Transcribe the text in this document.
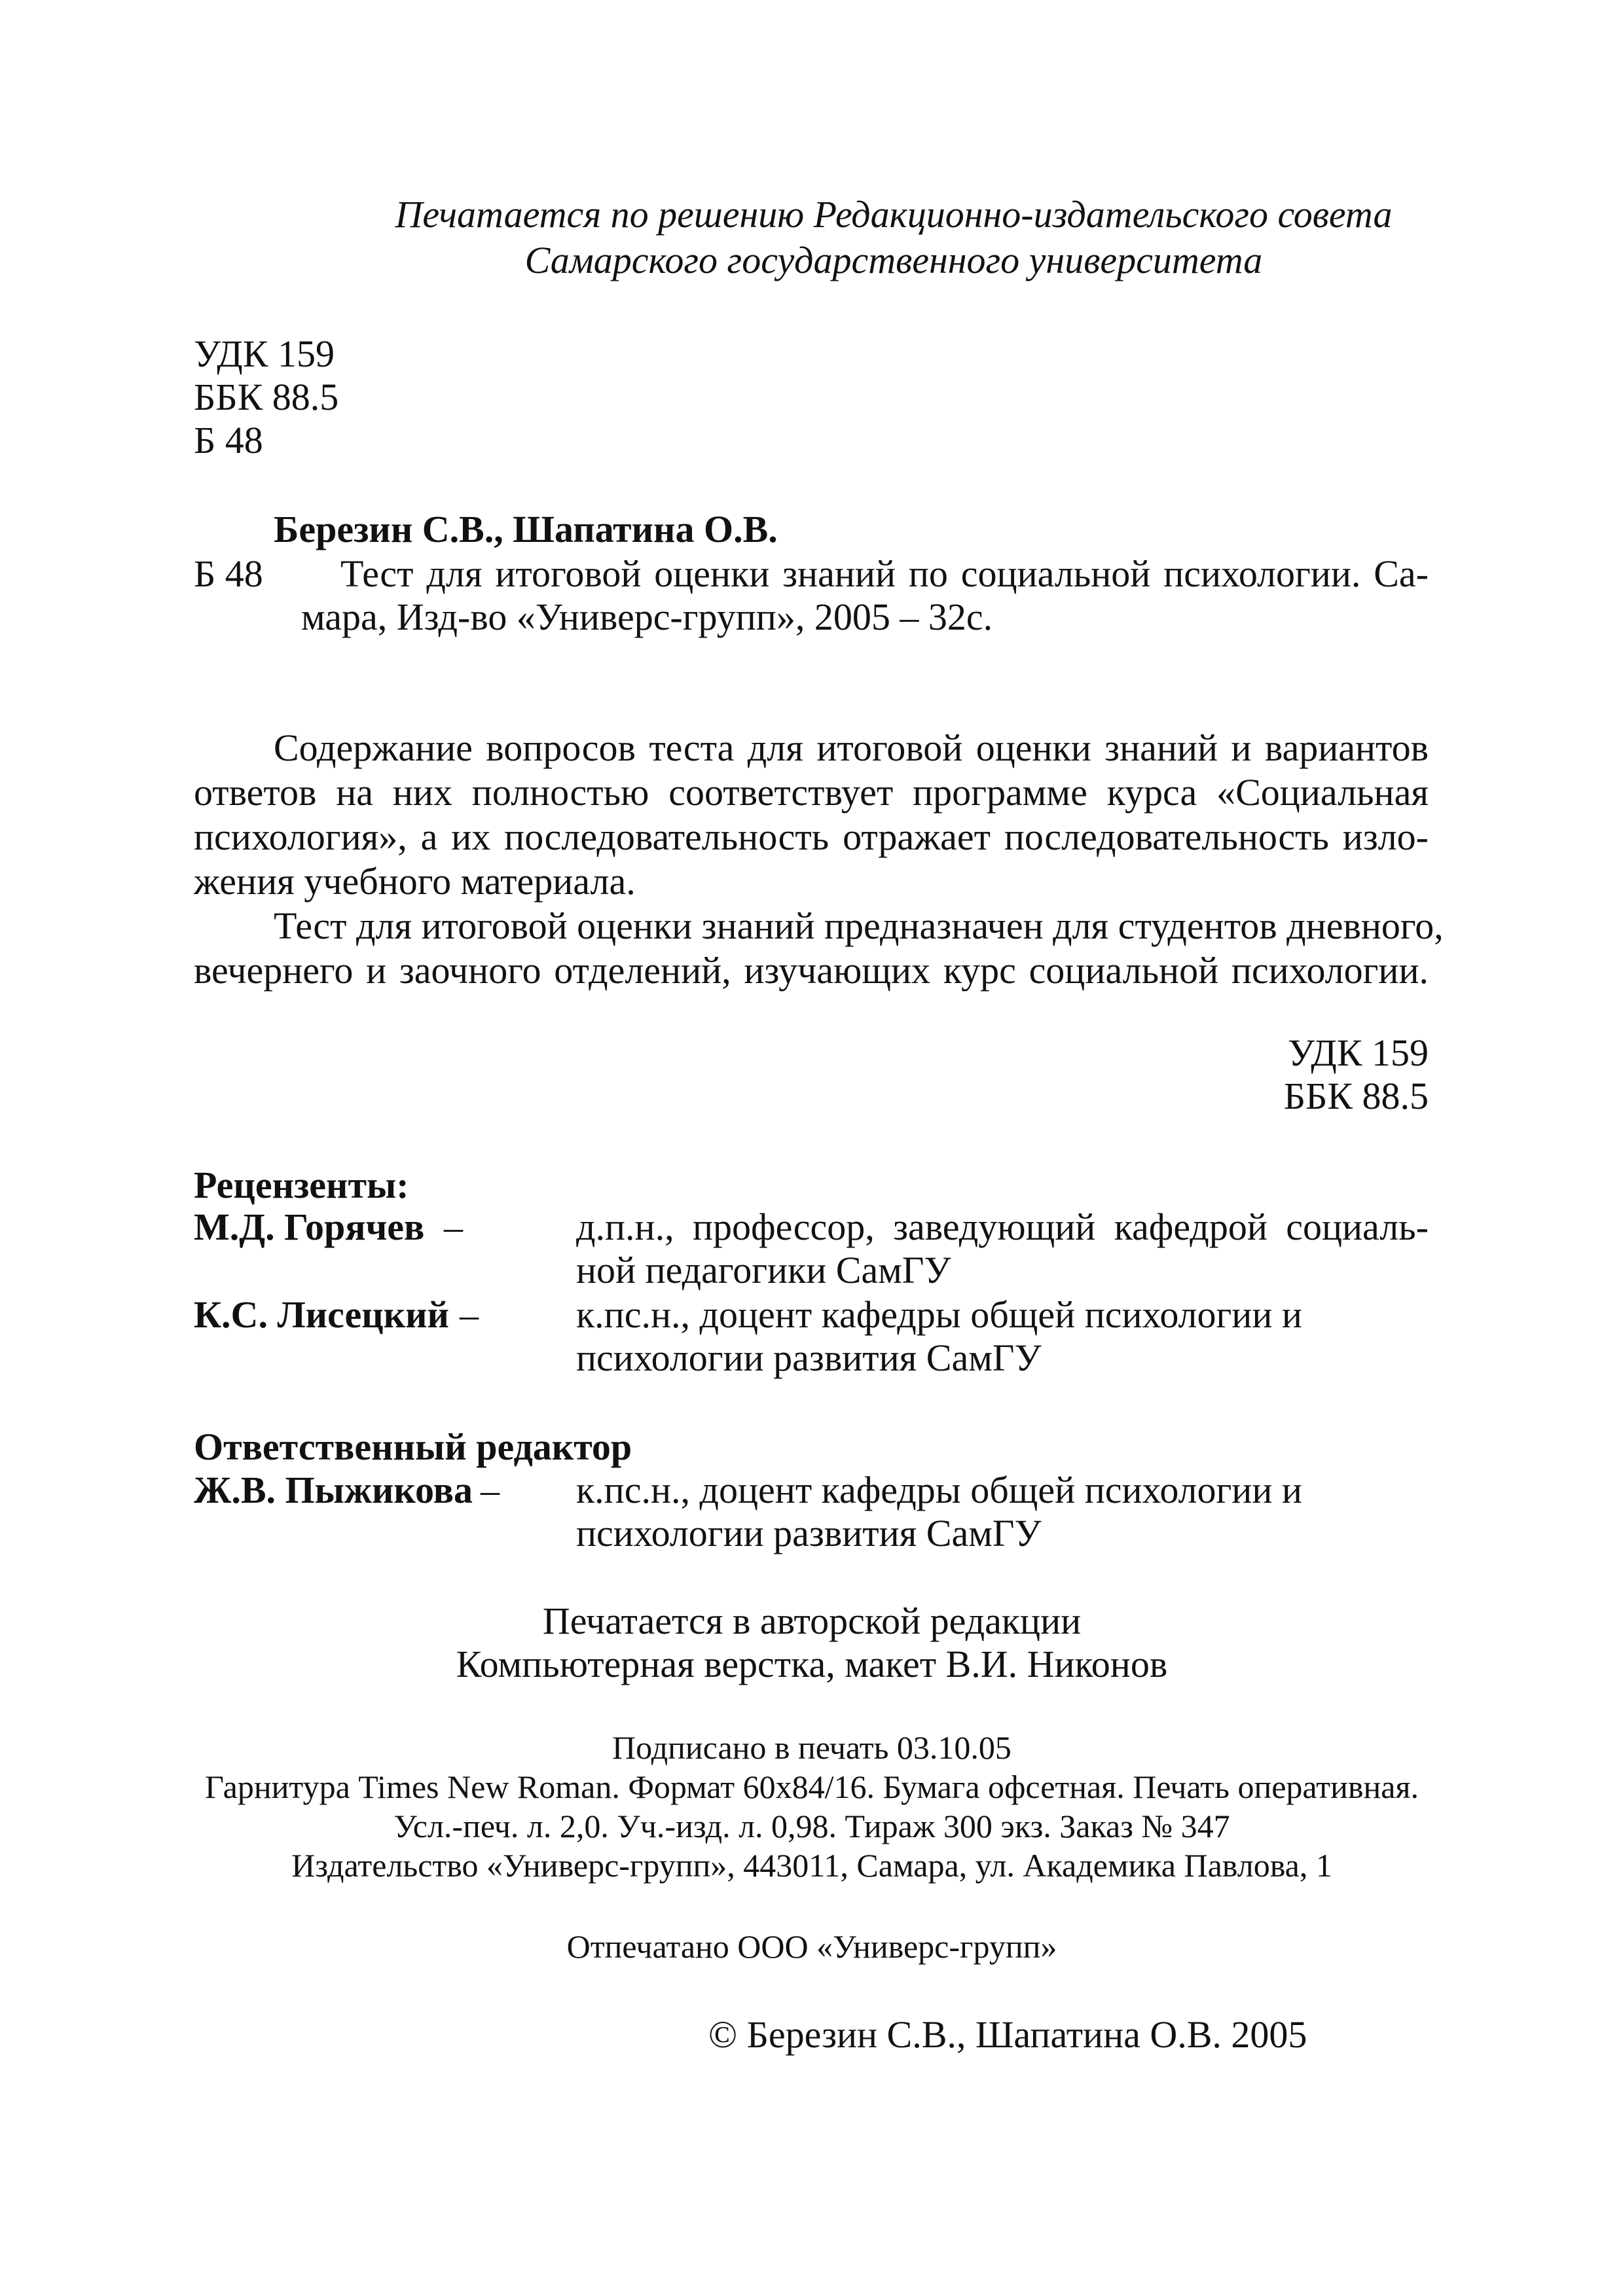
Печатается по решению Редакционно-издательского совета
Самарского государственного университета
УДК 159
ББК 88.5
Б 48
Березин С.В., Шапатина О.В.
Б 48 Тест для итоговой оценки знаний по социальной психологии. Са-
мара, Изд-во «Универс-групп», 2005 – 32с.
Содержание вопросов теста для итоговой оценки знаний и вариантов
ответов на них полностью соответствует программе курса «Социальная
психология», а их последовательность отражает последовательность изло-
жения учебного материала.
Тест для итоговой оценки знаний предназначен для студентов дневного,
вечернего и заочного отделений, изучающих курс социальной психологии.
УДК 159
ББК 88.5
Рецензенты:
М.Д. Горячев –	д.п.н., профессор, заведующий кафедрой социаль-
ной педагогики СамГУ
К.С. Лисецкий –	к.пс.н., доцент кафедры общей психологии и
психологии развития СамГУ
Ответственный редактор
Ж.В. Пыжикова – к.пс.н., доцент кафедры общей психологии и
психологии развития СамГУ
Печатается в авторской редакции
Компьютерная верстка, макет В.И. Никонов
Подписано в печать 03.10.05
Гарнитура Times New Roman. Формат 60x84/16. Бумага офсетная. Печать оперативная.
Усл.-печ. л. 2,0. Уч.-изд. л. 0,98. Тираж 300 экз. Заказ № 347
Издательство «Универс-групп», 443011, Самара, ул. Академика Павлова, 1
Отпечатано ООО «Универс-групп»
© Березин С.В., Шапатина О.В. 2005
